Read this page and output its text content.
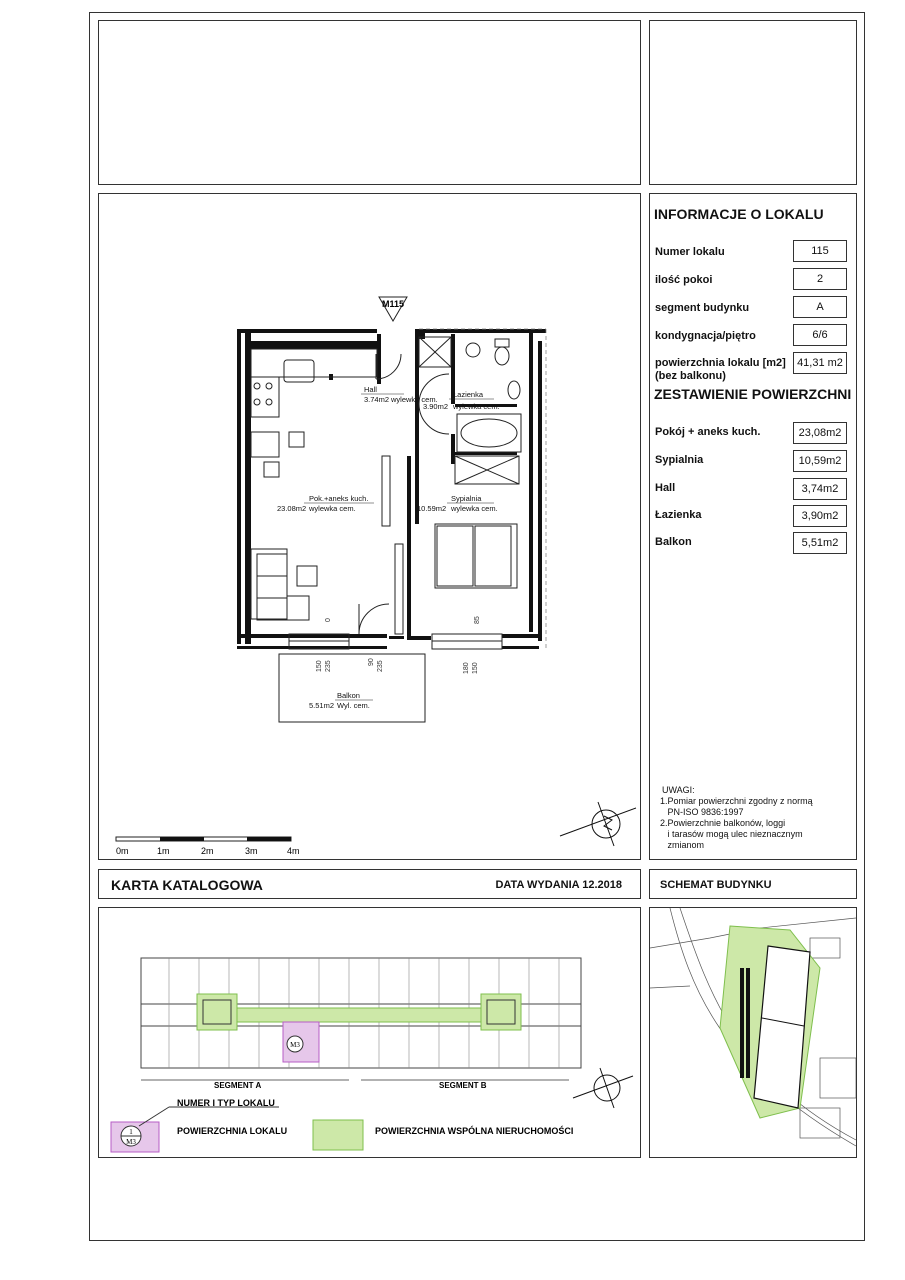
M115
Hall
3.74m2 wylewka cem.
Łazienka
3.90m2 wylewka cem.
Pok.+aneks kuch.
23.08m2 wylewka cem.
Sypialnia
10.59m2 wylewka cem.
Balkon
5.51m2 Wyl. cem.
150 235	90 235	180 150
0	85
0m	1m	2m	3m	4m
INFORMACJE O LOKALU
Numer lokalu	115
ilość pokoi	2
segment budynku	A
kondygnacja/piętro	6/6
powierzchnia lokalu [m2]
(bez balkonu)
41,31 m2
ZESTAWIENIE POWIERZCHNI
Pokój + aneks kuch.	23,08m2
Sypialnia	10,59m2
Hall	3,74m2
Łazienka	3,90m2
Balkon	5,51m2
UWAGI:
1.Pomiar powierzchni zgodny z normą
PN-ISO 9836:1997
2.Powierzchnie balkonów, loggi
i tarasów mogą ulec nieznacznym
zmianom
KARTA KATALOGOWA	DATA WYDANIA 12.2018	SCHEMAT BUDYNKU
M3
SEGMENT A	SEGMENT B
1
M3
NUMER I TYP LOKALU
POWIERZCHNIA LOKALU	POWIERZCHNIA WSPÓLNA NIERUCHOMOŚCI
